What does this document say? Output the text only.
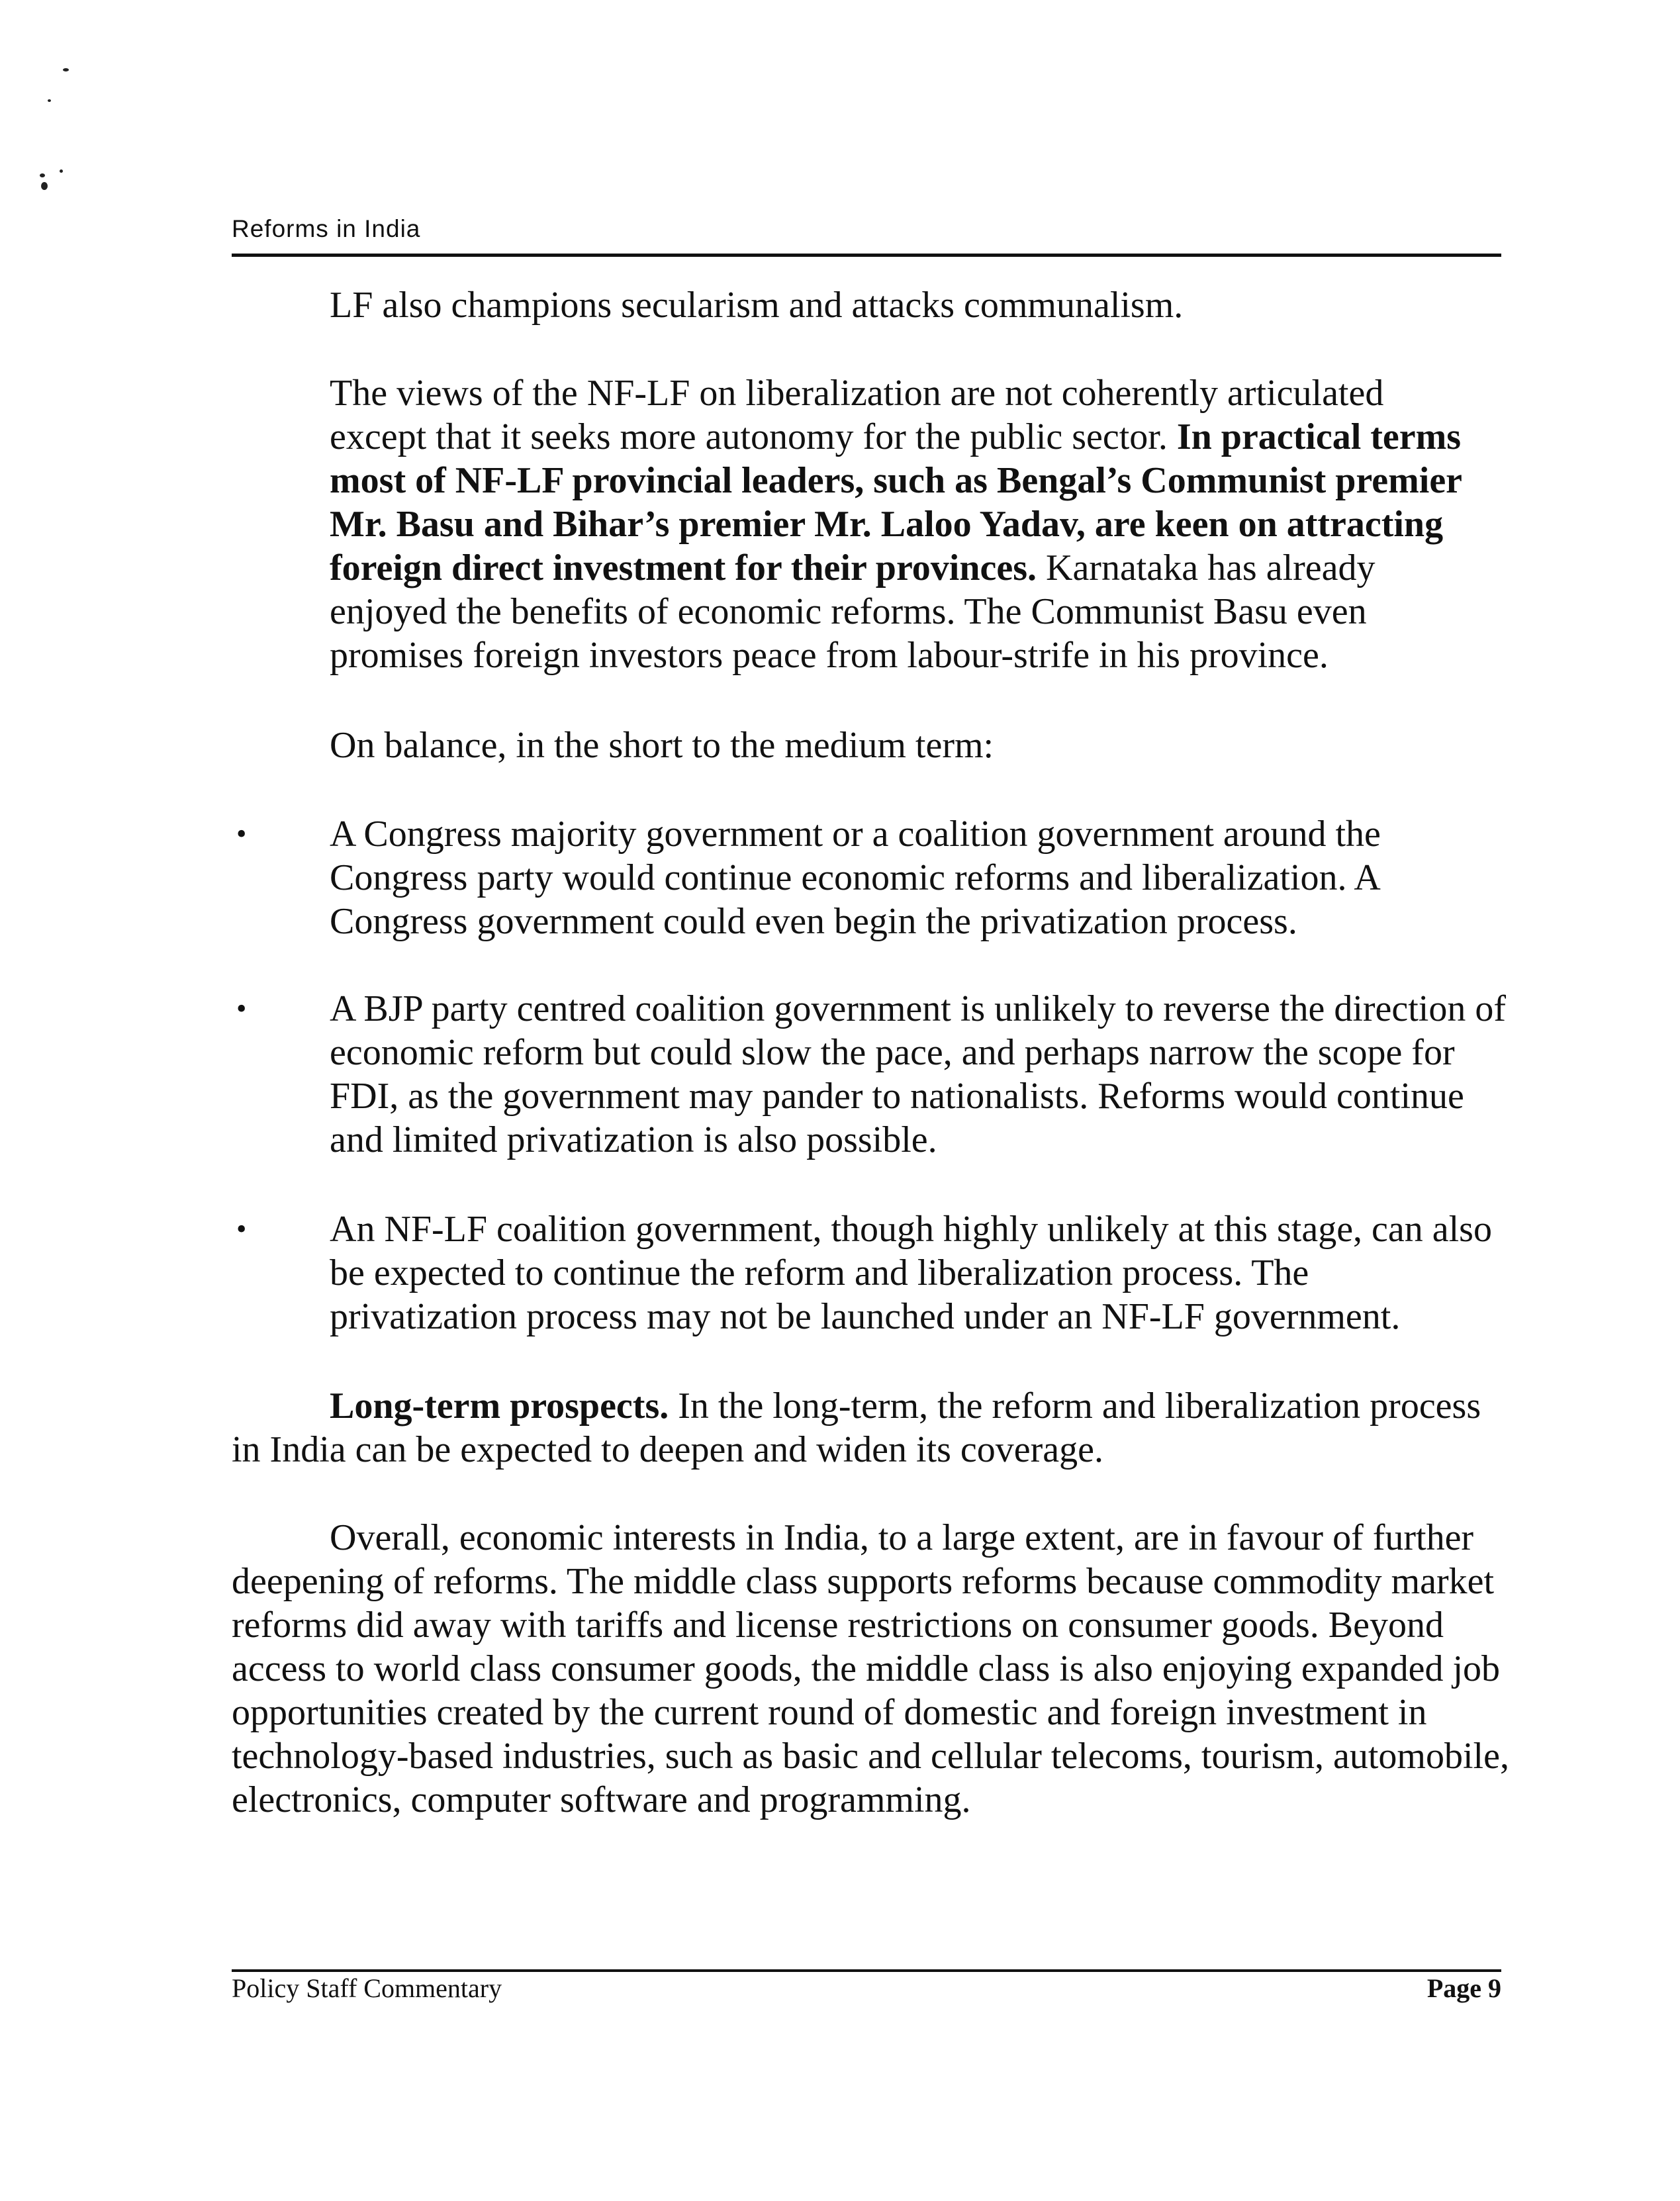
Reforms in India

LF also champions secularism and attacks communalism.

The views of the NF-LF on liberalization are not coherently articulated except that it seeks more autonomy for the public sector. In practical terms most of NF-LF provincial leaders, such as Bengal’s Communist premier Mr. Basu and Bihar’s premier Mr. Laloo Yadav, are keen on attracting foreign direct investment for their provinces. Karnataka has already enjoyed the benefits of economic reforms. The Communist Basu even promises foreign investors peace from labour-strife in his province.

On balance, in the short to the medium term:

• A Congress majority government or a coalition government around the Congress party would continue economic reforms and liberalization. A Congress government could even begin the privatization process.

• A BJP party centred coalition government is unlikely to reverse the direction of economic reform but could slow the pace, and perhaps narrow the scope for FDI, as the government may pander to nationalists. Reforms would continue and limited privatization is also possible.

• An NF-LF coalition government, though highly unlikely at this stage, can also be expected to continue the reform and liberalization process. The privatization process may not be launched under an NF-LF government.

Long-term prospects. In the long-term, the reform and liberalization process in India can be expected to deepen and widen its coverage.

Overall, economic interests in India, to a large extent, are in favour of further deepening of reforms. The middle class supports reforms because commodity market reforms did away with tariffs and license restrictions on consumer goods. Beyond access to world class consumer goods, the middle class is also enjoying expanded job opportunities created by the current round of domestic and foreign investment in technology-based industries, such as basic and cellular telecoms, tourism, automobile, electronics, computer software and programming.

Policy Staff Commentary	Page 9
